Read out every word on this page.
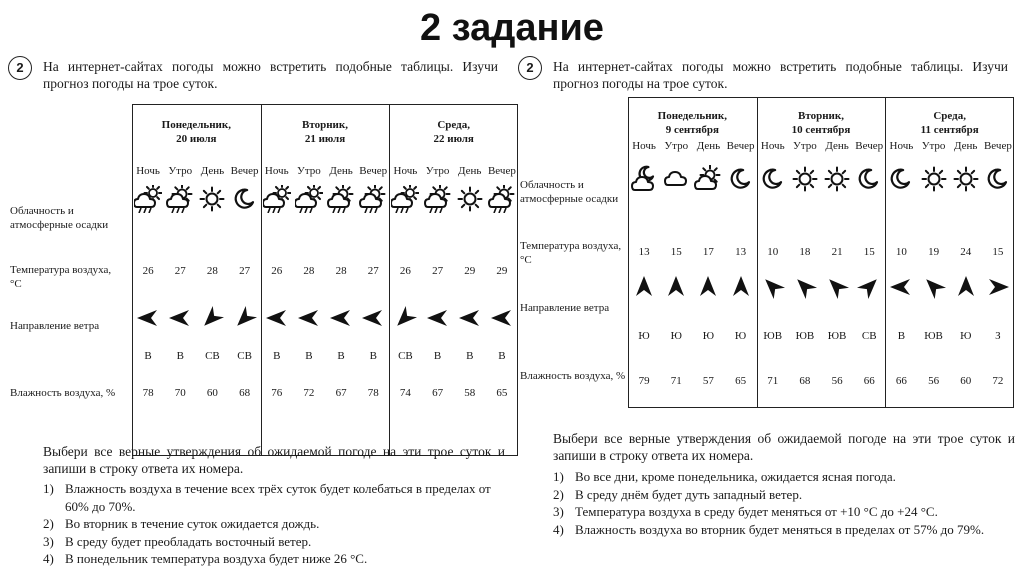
2 задание
2	На интернет-сайтах погоды можно встретить подобные таблицы. Изучи прогноз погоды на трое суток.
Облачность и атмосферные осадки
Температура воздуха, °С
Направление ветра
Влажность воздуха, %
Понедельник,
20 июля
Ночь
26
В
78
Утро
27
В
70
День
28
СВ
60
Вечер
27
СВ
68
Вторник,
21 июля
Ночь
26
В
76
Утро
28
В
72
День
28
В
67
Вечер
27
В
78
Среда,
22 июля
Ночь
26
СВ
74
Утро
27
В
67
День
29
В
58
Вечер
29
В
65
Выбери все верные утверждения об ожидаемой погоде на эти трое суток и запиши в строку ответа их номера.
1) Влажность воздуха в течение всех трёх суток будет колебаться в пределах от 60% до 70%.
2) Во вторник в течение суток ожидается дождь.
3) В среду будет преобладать восточный ветер.
4) В понедельник температура воздуха будет ниже 26 °С.
2	На интернет-сайтах погоды можно встретить подобные таблицы. Изучи прогноз погоды на трое суток.
Облачность и атмосферные осадки
Температура воздуха, °С
Направление ветра
Влажность воздуха, %
Понедельник,
9 сентября
Ночь
13
Ю
79
Утро
15
Ю
71
День
17
Ю
57
Вечер
13
Ю
65
Вторник,
10 сентября
Ночь
10
ЮВ
71
Утро
18
ЮВ
68
День
21
ЮВ
56
Вечер
15
СВ
66
Среда,
11 сентября
Ночь
10
В
66
Утро
19
ЮВ
56
День
24
Ю
60
Вечер
15
З
72
Выбери все верные утверждения об ожидаемой погоде на эти трое суток и запиши в строку ответа их номера.
1) Во все дни, кроме понедельника, ожидается ясная погода.
2) В среду днём будет дуть западный ветер.
3) Температура воздуха в среду будет меняться от +10 °С до +24 °С.
4) Влажность воздуха во вторник будет меняться в пределах от 57% до 79%.
